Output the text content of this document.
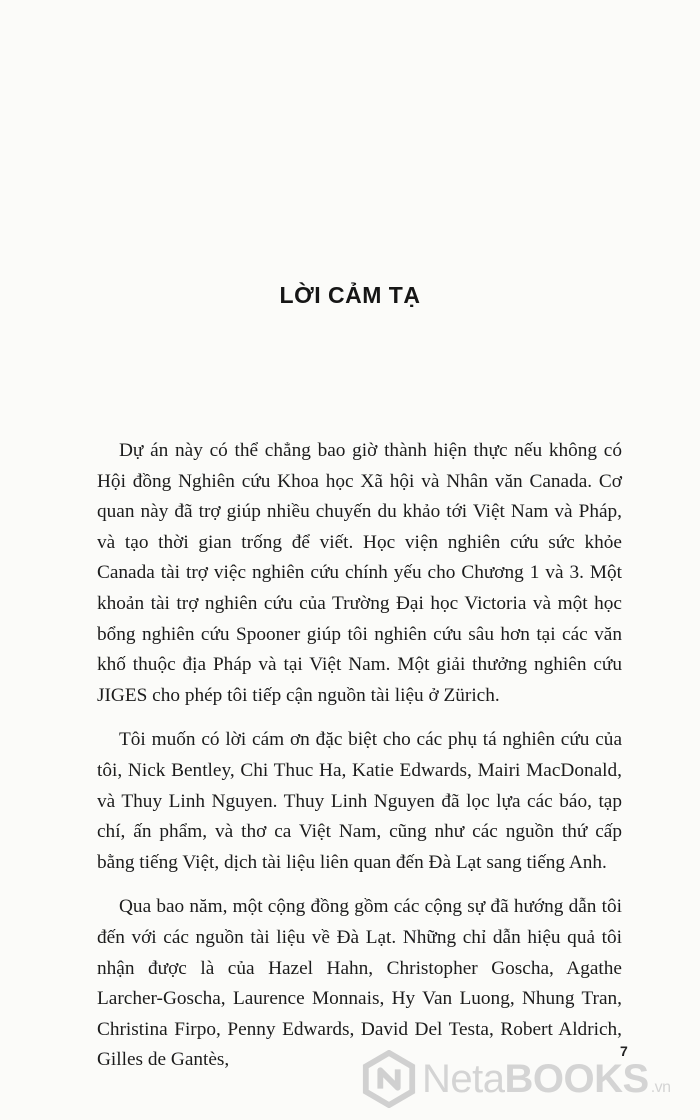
LỜI CẢM TẠ

Dự án này có thể chẳng bao giờ thành hiện thực nếu không có Hội đồng Nghiên cứu Khoa học Xã hội và Nhân văn Canada. Cơ quan này đã trợ giúp nhiều chuyến du khảo tới Việt Nam và Pháp, và tạo thời gian trống để viết. Học viện nghiên cứu sức khỏe Canada tài trợ việc nghiên cứu chính yếu cho Chương 1 và 3. Một khoản tài trợ nghiên cứu của Trường Đại học Victoria và một học bổng nghiên cứu Spooner giúp tôi nghiên cứu sâu hơn tại các văn khố thuộc địa Pháp và tại Việt Nam. Một giải thưởng nghiên cứu JIGES cho phép tôi tiếp cận nguồn tài liệu ở Zürich.

Tôi muốn có lời cám ơn đặc biệt cho các phụ tá nghiên cứu của tôi, Nick Bentley, Chi Thuc Ha, Katie Edwards, Mairi MacDonald, và Thuy Linh Nguyen. Thuy Linh Nguyen đã lọc lựa các báo, tạp chí, ấn phẩm, và thơ ca Việt Nam, cũng như các nguồn thứ cấp bằng tiếng Việt, dịch tài liệu liên quan đến Đà Lạt sang tiếng Anh.

Qua bao năm, một cộng đồng gồm các cộng sự đã hướng dẫn tôi đến với các nguồn tài liệu về Đà Lạt. Những chỉ dẫn hiệu quả tôi nhận được là của Hazel Hahn, Christopher Goscha, Agathe Larcher-Goscha, Laurence Monnais, Hy Van Luong, Nhung Tran, Christina Firpo, Penny Edwards, David Del Testa, Robert Aldrich, Gilles de Gantès,	7
NetaBOOKS .vn
